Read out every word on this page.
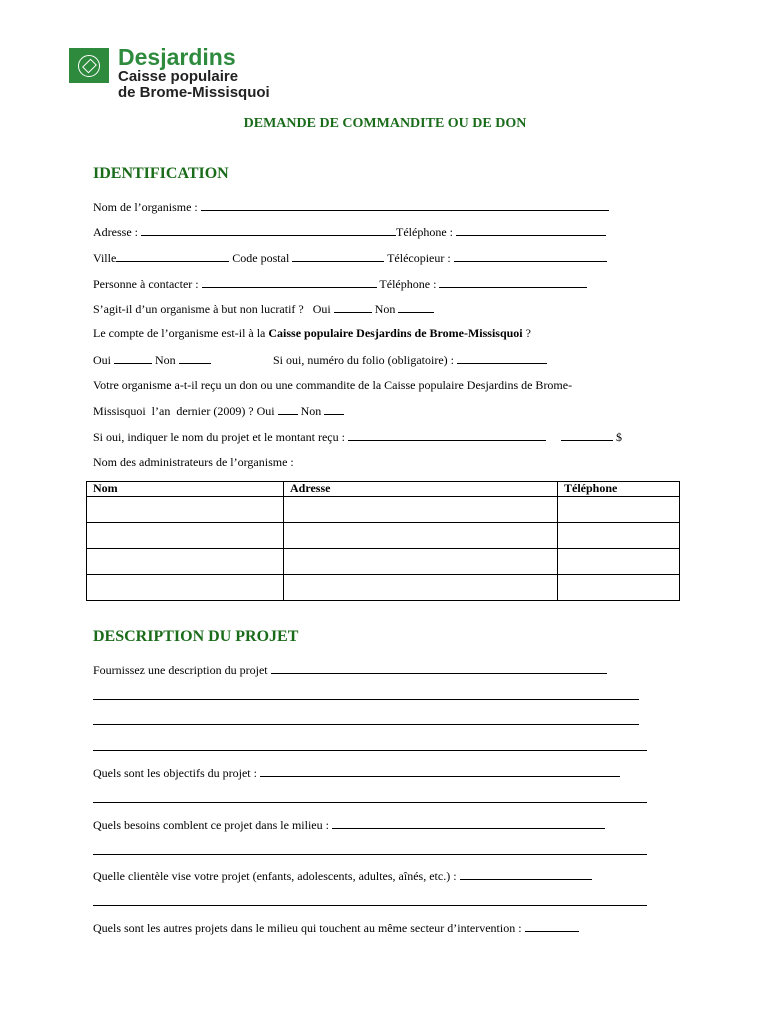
Desjardins
Caisse populaire
de Brome-Missisquoi
DEMANDE DE COMMANDITE OU DE DON
IDENTIFICATION
Nom de l’organisme :
Adresse :	Téléphone :
Ville	Code postal	Télécopieur :
Personne à contacter :	Téléphone :
S’agit-il d’un organisme à but non lucratif ? Oui	Non
Le compte de l’organisme est-il à la Caisse populaire Desjardins de Brome-Missisquoi ?
Oui	Non	Si oui, numéro du folio (obligatoire) :
Votre organisme a-t-il reçu un don ou une commandite de la Caisse populaire Desjardins de Brome-
Missisquoi  l’an  dernier (2009) ? Oui Non
Si oui, indiquer le nom du projet et le montant reçu :	$
Nom des administrateurs de l’organisme :
Nom	Adresse	Téléphone

DESCRIPTION DU PROJET
Fournissez une description du projet
Quels sont les objectifs du projet :
Quels besoins comblent ce projet dans le milieu :
Quelle clientèle vise votre projet (enfants, adolescents, adultes, aînés, etc.) :
Quels sont les autres projets dans le milieu qui touchent au même secteur d’intervention :
